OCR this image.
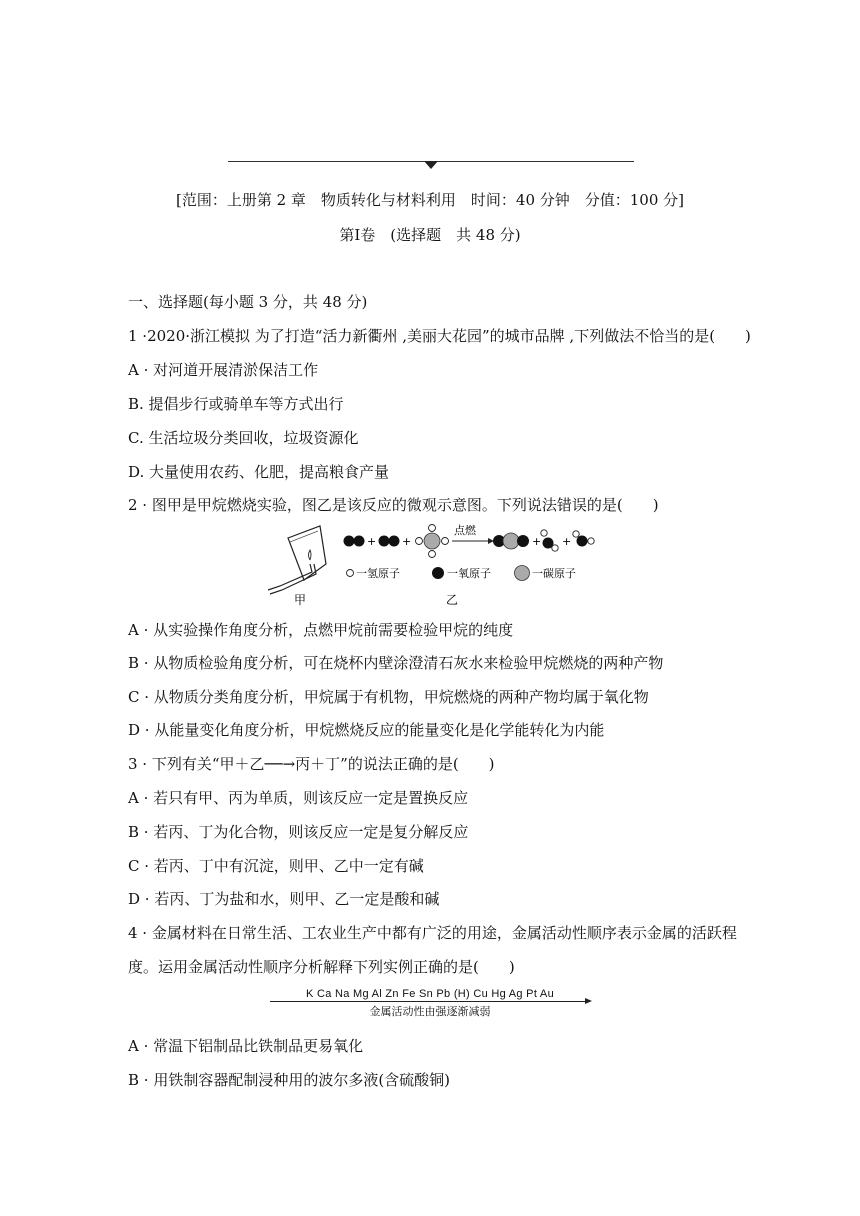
[范围：上册第 2 章　物质转化与材料利用　时间：40 分钟　分值：100 分]
第Ⅰ卷　(选择题　共 48 分)
一、选择题(每小题 3 分，共 48 分)
1 ·2020·浙江模拟 为了打造“活力新衢州 ,美丽大花园”的城市品牌 ,下列做法不恰当的是(　　)
A · 对河道开展清淤保洁工作
B. 提倡步行或骑单车等方式出行
C. 生活垃圾分类回收，垃圾资源化
D. 大量使用农药、化肥，提高粮食产量
2 · 图甲是甲烷燃烧实验，图乙是该反应的微观示意图。下列说法错误的是(　　)
甲
+ +
点燃
+ +
一氢原子	一氧原子	一碳原子
乙
A · 从实验操作角度分析，点燃甲烷前需要检验甲烷的纯度
B · 从物质检验角度分析，可在烧杯内壁涂澄清石灰水来检验甲烷燃烧的两种产物
C · 从物质分类角度分析，甲烷属于有机物，甲烷燃烧的两种产物均属于氧化物
D · 从能量变化角度分析，甲烷燃烧反应的能量变化是化学能转化为内能
3 · 下列有关“甲＋乙──→丙＋丁”的说法正确的是(　　)
A · 若只有甲、丙为单质，则该反应一定是置换反应
B · 若丙、丁为化合物，则该反应一定是复分解反应
C · 若丙、丁中有沉淀，则甲、乙中一定有碱
D · 若丙、丁为盐和水，则甲、乙一定是酸和碱
4 · 金属材料在日常生活、工农业生产中都有广泛的用途，金属活动性顺序表示金属的活跃程
度。运用金属活动性顺序分析解释下列实例正确的是(　　)
K Ca Na Mg Al Zn Fe Sn Pb (H) Cu Hg Ag Pt Au
金属活动性由强逐渐减弱
A · 常温下铝制品比铁制品更易氧化
B · 用铁制容器配制浸种用的波尔多液(含硫酸铜)
